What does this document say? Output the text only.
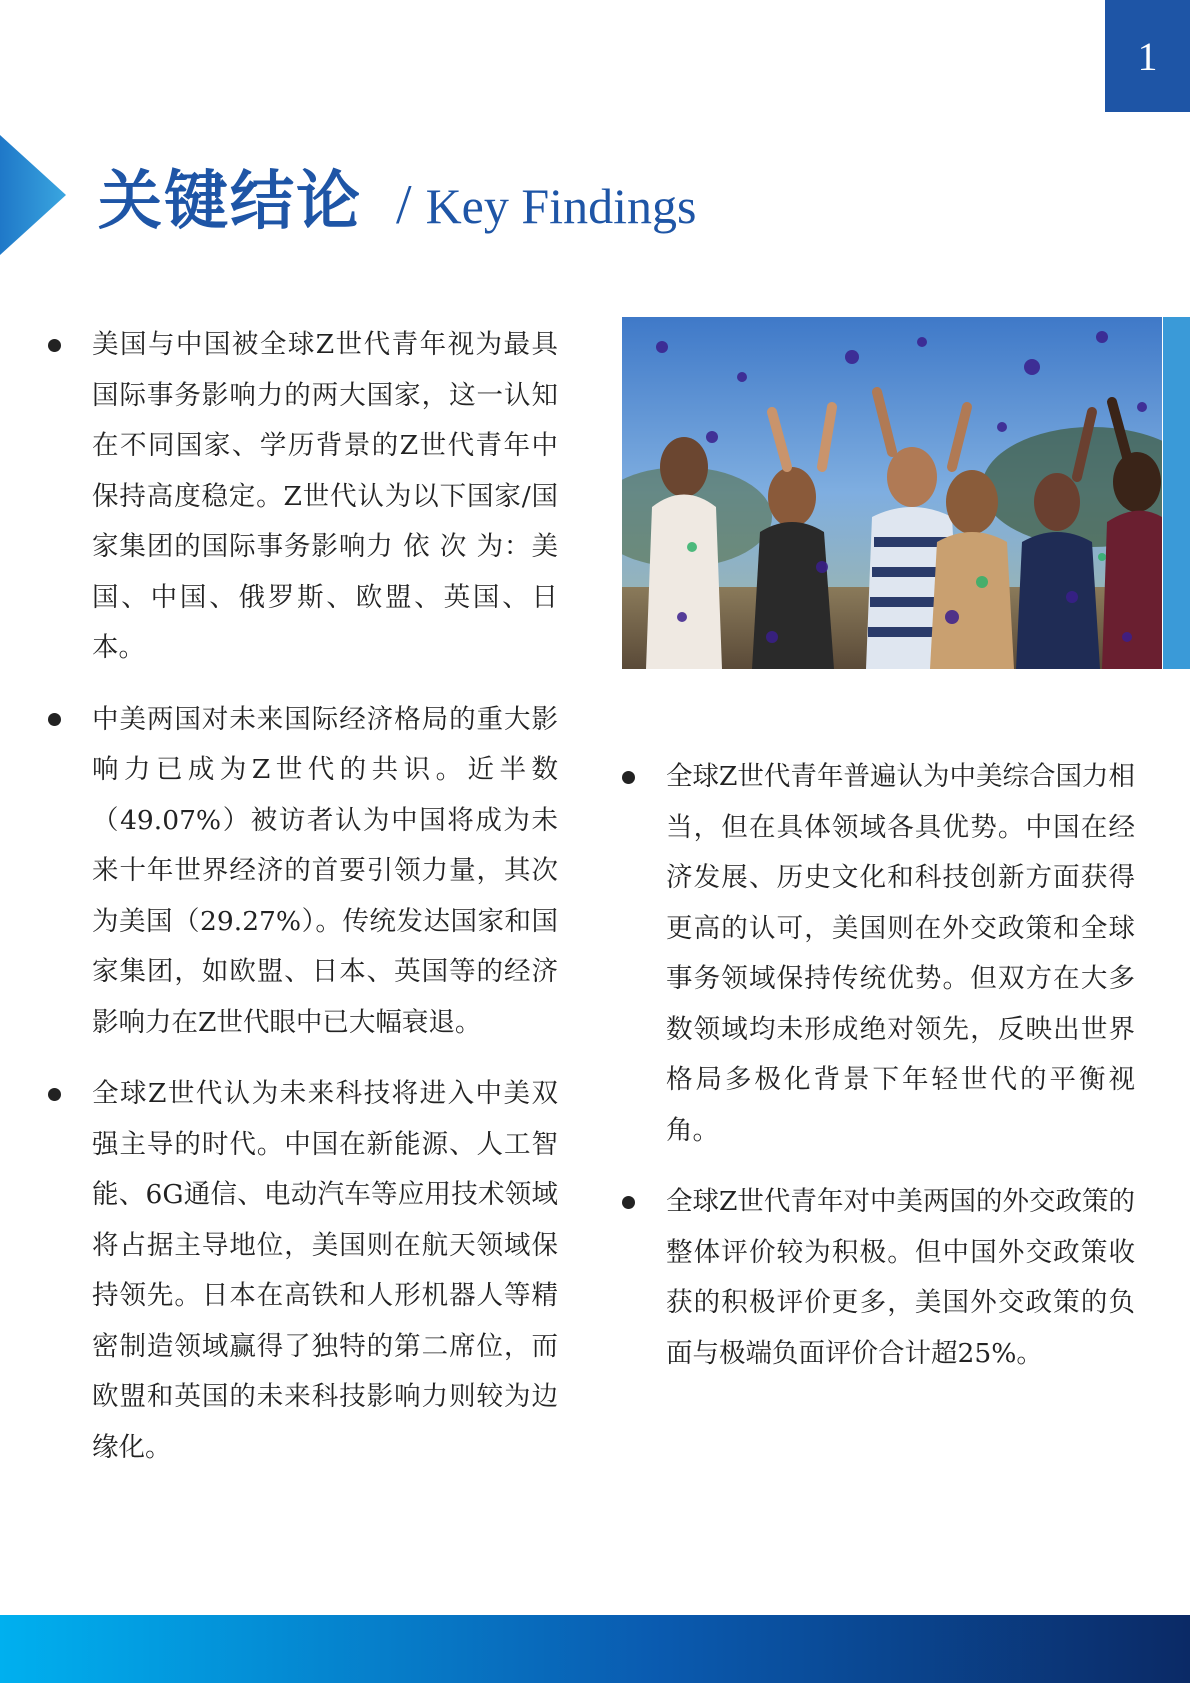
1
关键结论 / Key Findings
美国与中国被全球Z世代青年视为最具国际事务影响力的两大国家，这一认知在不同国家、学历背景的Z世代青年中保持高度稳定。Z世代认为以下国家/国家集团的国际事务影响力 依 次 为：美国、中国、俄罗斯、欧盟、英国、日本。
中美两国对未来国际经济格局的重大影响力已成为Z世代的共识。近半数（49.07%）被访者认为中国将成为未来十年世界经济的首要引领力量，其次为美国（29.27%）。传统发达国家和国家集团，如欧盟、日本、英国等的经济影响力在Z世代眼中已大幅衰退。
全球Z世代认为未来科技将进入中美双强主导的时代。中国在新能源、人工智能、6G通信、电动汽车等应用技术领域将占据主导地位，美国则在航天领域保持领先。日本在高铁和人形机器人等精密制造领域赢得了独特的第二席位，而欧盟和英国的未来科技影响力则较为边缘化。
全球Z世代青年普遍认为中美综合国力相当，但在具体领域各具优势。中国在经济发展、历史文化和科技创新方面获得更高的认可，美国则在外交政策和全球事务领域保持传统优势。但双方在大多数领域均未形成绝对领先，反映出世界格局多极化背景下年轻世代的平衡视角。
全球Z世代青年对中美两国的外交政策的整体评价较为积极。但中国外交政策收获的积极评价更多，美国外交政策的负面与极端负面评价合计超25%。
